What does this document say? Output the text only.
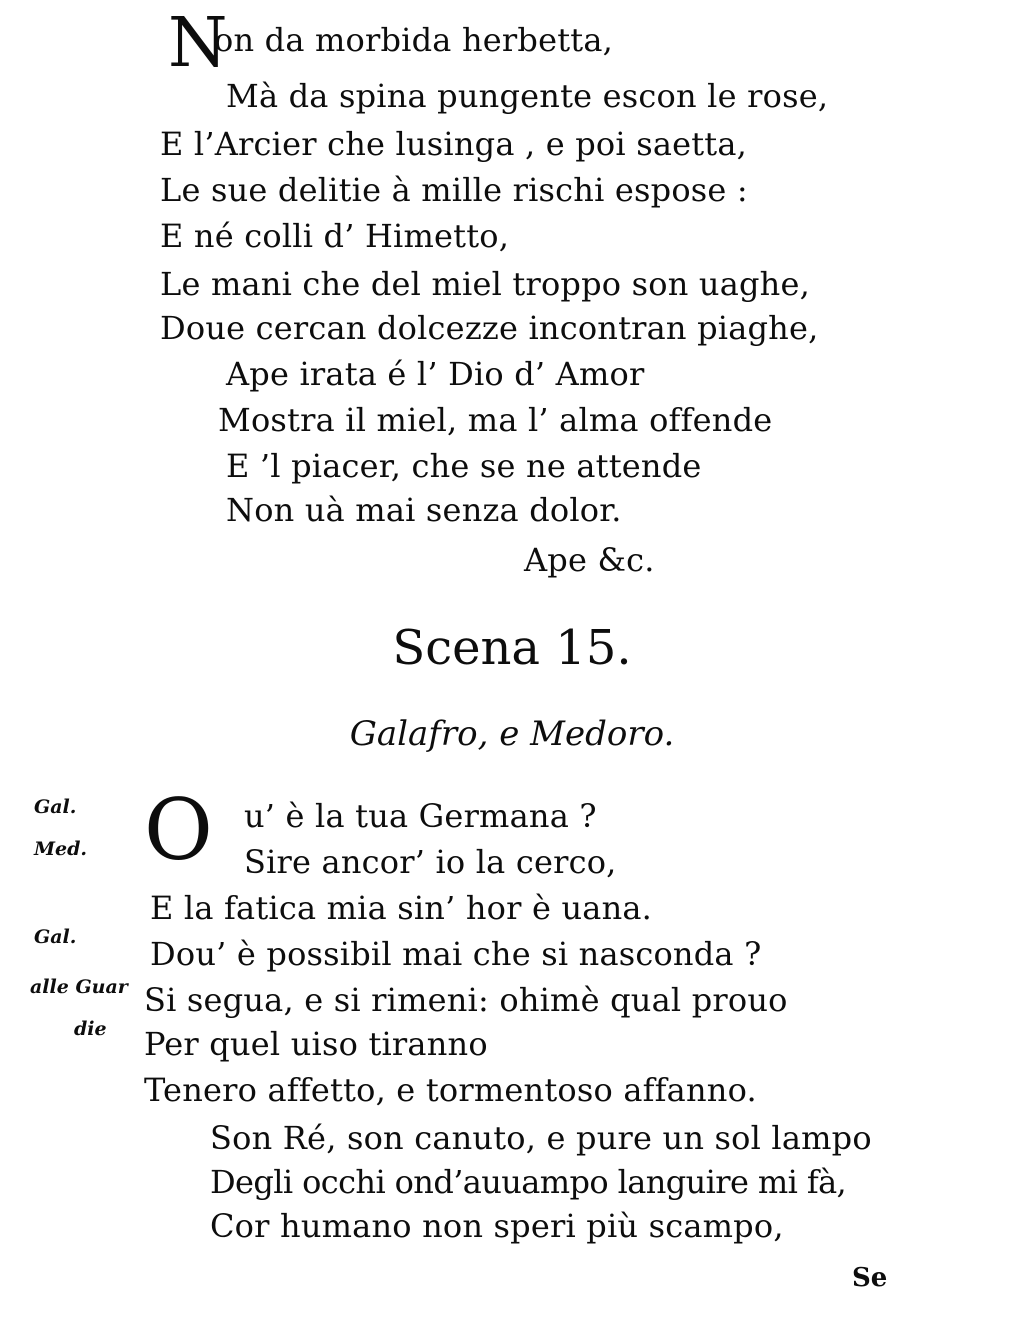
N
on da morbida herbetta,
Mà da spina pungente escon le rose,
E l’Arcier che lusinga , e poi saetta,
Le sue delitie à mille rischi espose :
E né colli d’ Himetto,
Le mani che del miel troppo son uaghe,
Doue cercan dolcezze incontran piaghe,
Ape irata é l’ Dio d’ Amor
Mostra il miel, ma l’ alma offende
E ’l piacer, che se ne attende
Non uà mai senza dolor.
Ape &c.
Scena 15.
Galafro, e Medoro.
Gal.
Med.
Gal.
alle Guar
die
O u’ è la tua Germana ?
Sire ancor’ io la cerco,
E la fatica mia sin’ hor è uana.
Dou’ è possibil mai che si nasconda ?
Si segua, e si rimeni: ohimè qual prouo
Per quel uiso tiranno
Tenero affetto, e tormentoso affanno.
Son Ré, son canuto, e pure un sol lampo
Degli occhi ond’auuampo languire mi fà,
Cor humano non speri più scampo,
Se
